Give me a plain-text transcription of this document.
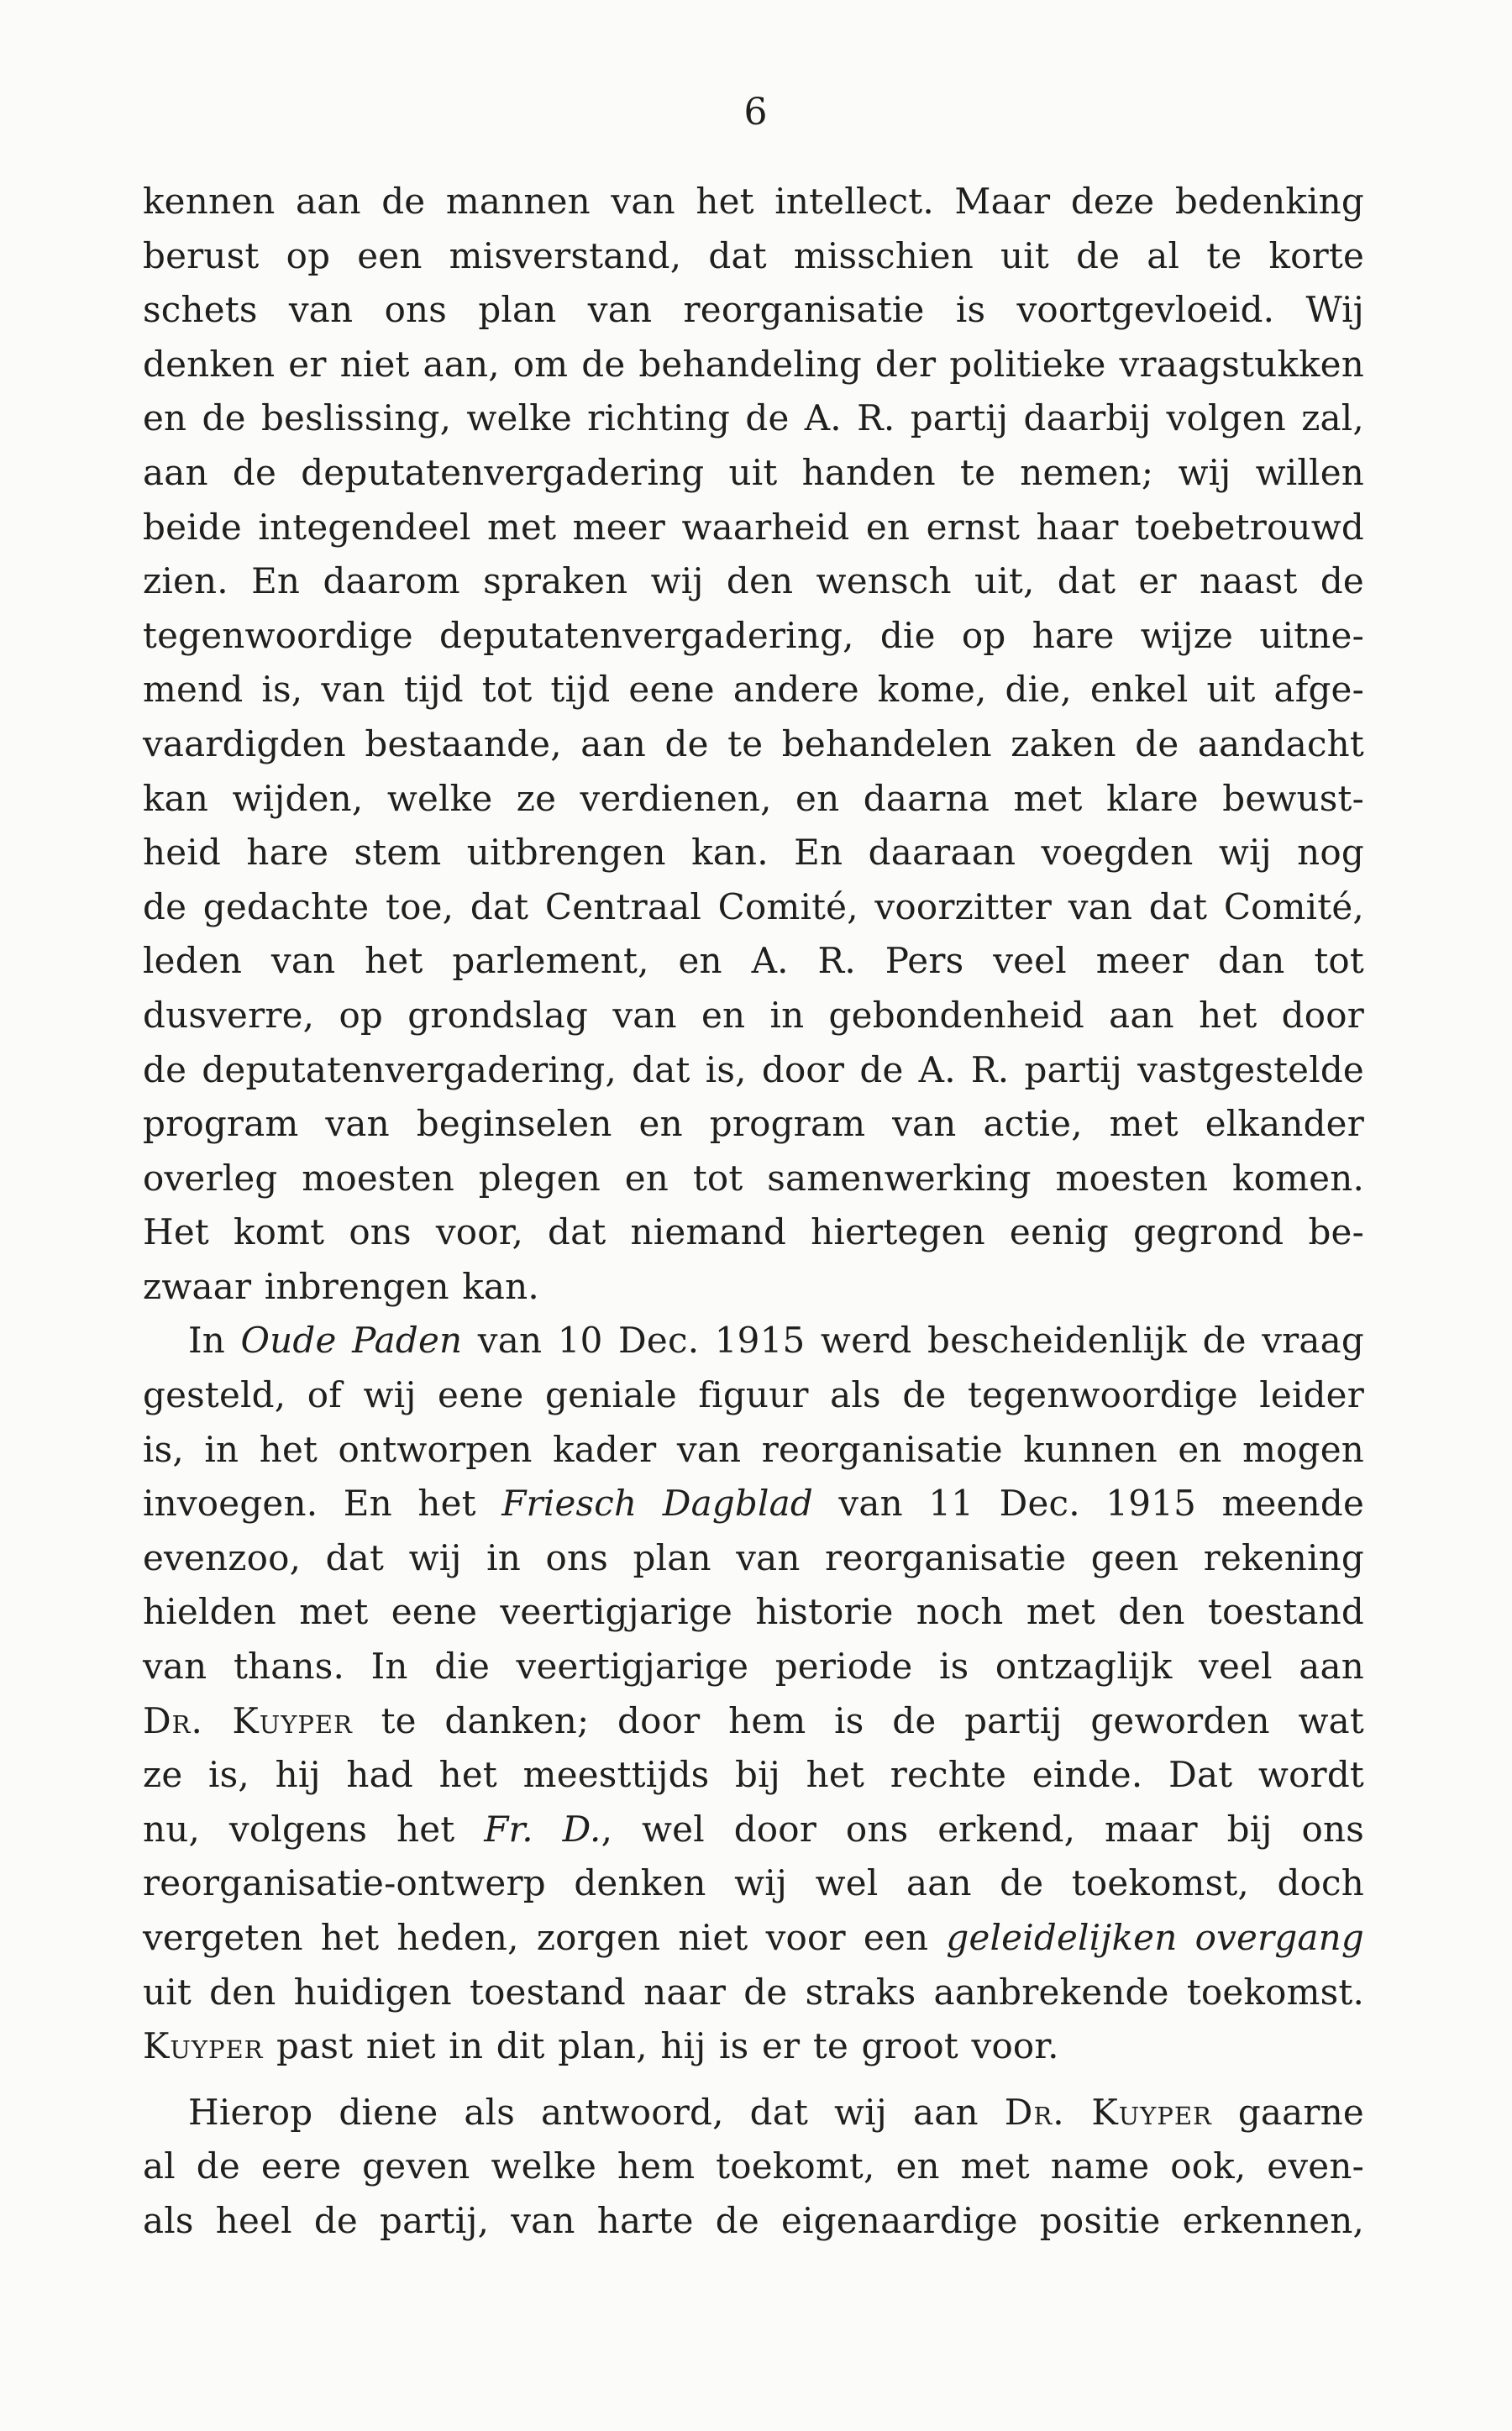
6
kennen aan de mannen van het intellect. Maar deze bedenking
berust op een misverstand, dat misschien uit de al te korte
schets van ons plan van reorganisatie is voortgevloeid. Wij
denken er niet aan, om de behandeling der politieke vraagstukken
en de beslissing, welke richting de A. R. partij daarbij volgen zal,
aan de deputatenvergadering uit handen te nemen; wij willen
beide integendeel met meer waarheid en ernst haar toebetrouwd
zien. En daarom spraken wij den wensch uit, dat er naast de
tegenwoordige deputatenvergadering, die op hare wijze uitne-
mend is, van tijd tot tijd eene andere kome, die, enkel uit afge-
vaardigden bestaande, aan de te behandelen zaken de aandacht
kan wijden, welke ze verdienen, en daarna met klare bewust-
heid hare stem uitbrengen kan. En daaraan voegden wij nog
de gedachte toe, dat Centraal Comité, voorzitter van dat Comité,
leden van het parlement, en A. R. Pers veel meer dan tot
dusverre, op grondslag van en in gebondenheid aan het door
de deputatenvergadering, dat is, door de A. R. partij vastgestelde
program van beginselen en program van actie, met elkander
overleg moesten plegen en tot samenwerking moesten komen.
Het komt ons voor, dat niemand hiertegen eenig gegrond be-
zwaar inbrengen kan.
In Oude Paden van 10 Dec. 1915 werd bescheidenlijk de vraag
gesteld, of wij eene geniale figuur als de tegenwoordige leider
is, in het ontworpen kader van reorganisatie kunnen en mogen
invoegen. En het Friesch Dagblad van 11 Dec. 1915 meende
evenzoo, dat wij in ons plan van reorganisatie geen rekening
hielden met eene veertigjarige historie noch met den toestand
van thans. In die veertigjarige periode is ontzaglijk veel aan
Dr. Kuyper te danken; door hem is de partij geworden wat
ze is, hij had het meesttijds bij het rechte einde. Dat wordt
nu, volgens het Fr. D., wel door ons erkend, maar bij ons
reorganisatie-ontwerp denken wij wel aan de toekomst, doch
vergeten het heden, zorgen niet voor een geleidelijken overgang
uit den huidigen toestand naar de straks aanbrekende toekomst.
Kuyper past niet in dit plan, hij is er te groot voor.
Hierop diene als antwoord, dat wij aan Dr. Kuyper gaarne
al de eere geven welke hem toekomt, en met name ook, even-
als heel de partij, van harte de eigenaardige positie erkennen,
